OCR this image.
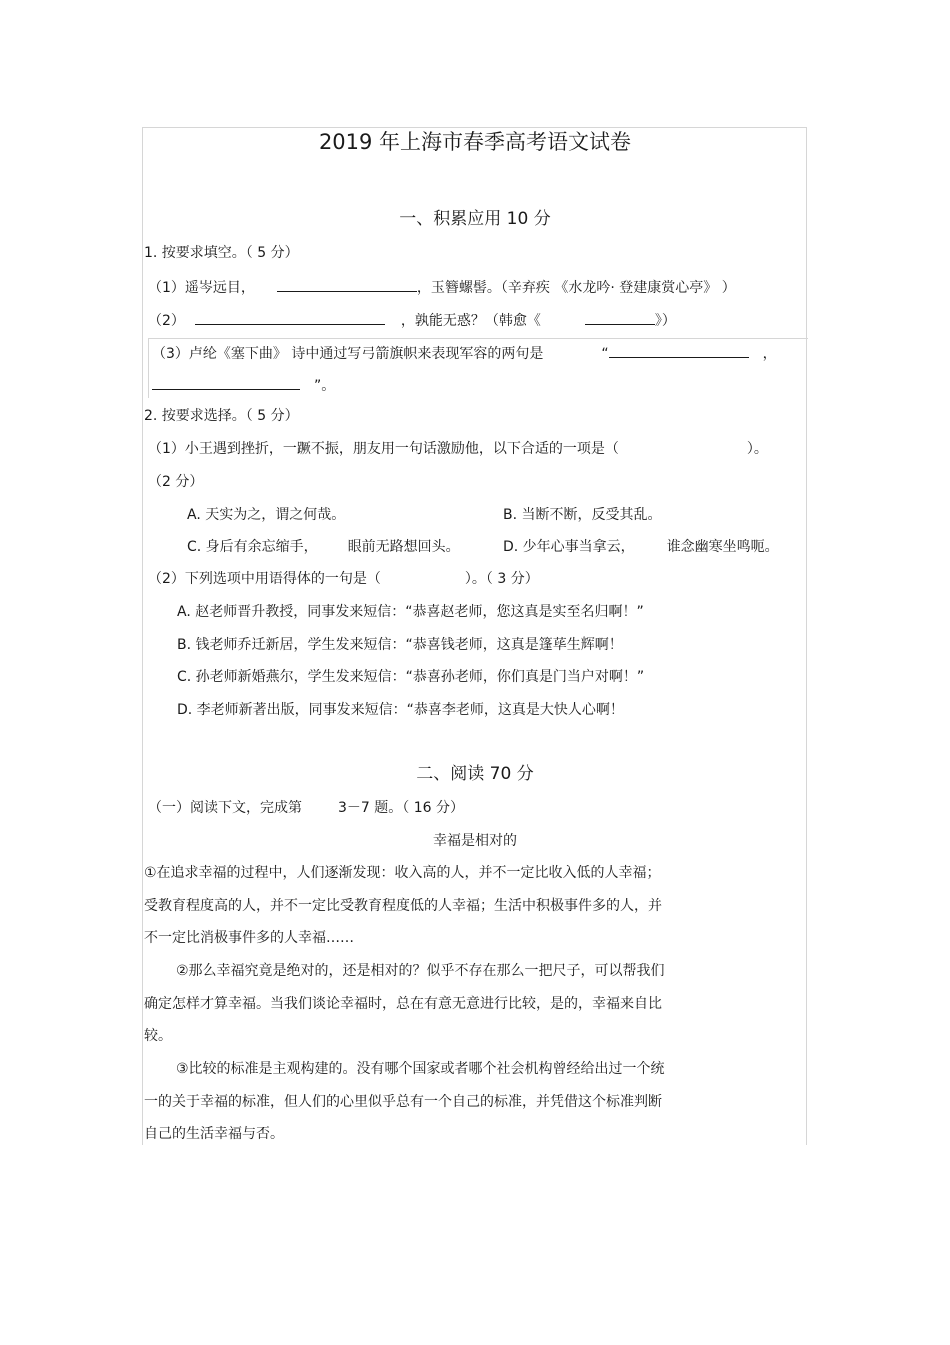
2019 年上海市春季高考语文试卷
一、积累应用 10 分
1. 按要求填空。（ 5 分）
（1）遥岑远目，	，玉簪螺髻。（辛弃疾 《水龙吟· 登建康赏心亭》 ）
（2）	，孰能无惑？（韩愈《	》）
（3）卢纶《塞下曲》 诗中通过写弓箭旗帜来表现军容的两句是	“	，
”。
2. 按要求选择。（ 5 分）
（1）小王遇到挫折，一蹶不振，朋友用一句话激励他，以下合适的一项是（	）。
（2 分）
A. 天实为之，谓之何哉。	B. 当断不断，反受其乱。
C. 身后有余忘缩手， 眼前无路想回头。	D. 少年心事当拿云， 谁念幽寒坐鸣呃。
（2）下列选项中用语得体的一句是（	）。（ 3 分）
A. 赵老师晋升教授，同事发来短信：“恭喜赵老师，您这真是实至名归啊！”
B. 钱老师乔迁新居，学生发来短信：“恭喜钱老师，这真是篷荜生辉啊！
C. 孙老师新婚燕尔，学生发来短信：“恭喜孙老师，你们真是门当户对啊！”
D. 李老师新著出版，同事发来短信：“恭喜李老师，这真是大快人心啊！
二、阅读 70 分
（一）阅读下文，完成第	3－7 题。（ 16 分）
幸福是相对的
①在追求幸福的过程中，人们逐渐发现：收入高的人，并不一定比收入低的人幸福；
受教育程度高的人，并不一定比受教育程度低的人幸福；生活中积极事件多的人，并
不一定比消极事件多的人幸福……
②那么幸福究竟是绝对的，还是相对的？似乎不存在那么一把尺子，可以帮我们
确定怎样才算幸福。当我们谈论幸福时，总在有意无意进行比较，是的，幸福来自比
较。
③比较的标准是主观构建的。没有哪个国家或者哪个社会机构曾经给出过一个统
一的关于幸福的标准，但人们的心里似乎总有一个自己的标准，并凭借这个标准判断
自己的生活幸福与否。
